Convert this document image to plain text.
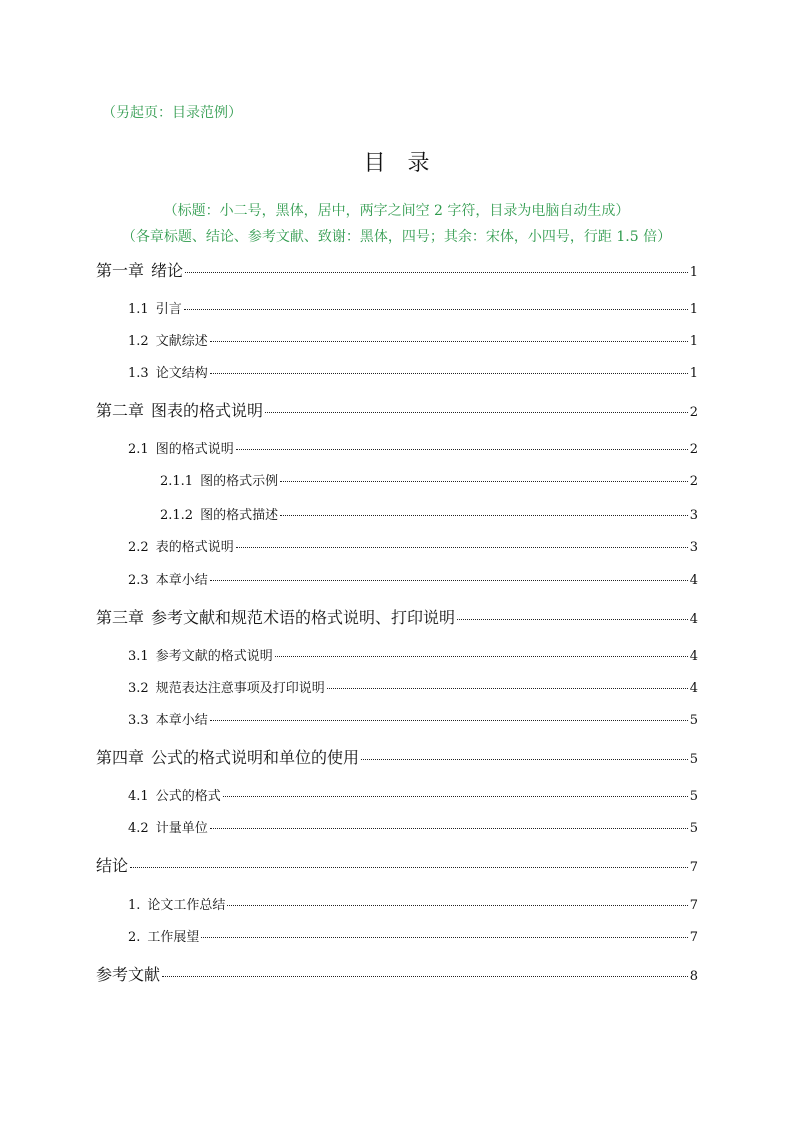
（另起页：目录范例）
目 录
（标题：小二号，黑体，居中，两字之间空 2 字符，目录为电脑自动生成）
（各章标题、结论、参考文献、致谢：黑体，四号；其余：宋体，小四号，行距 1.5 倍）
第一章 绪论	1
1.1 引言	1
1.2 文献综述	1
1.3 论文结构	1
第二章 图表的格式说明	2
2.1 图的格式说明	2
2.1.1 图的格式示例	2
2.1.2 图的格式描述	3
2.2 表的格式说明	3
2.3 本章小结	4
第三章 参考文献和规范术语的格式说明、打印说明	4
3.1 参考文献的格式说明	4
3.2 规范表达注意事项及打印说明	4
3.3 本章小结	5
第四章 公式的格式说明和单位的使用	5
4.1 公式的格式	5
4.2 计量单位	5
结论	7
1. 论文工作总结	7
2. 工作展望	7
参考文献	8
